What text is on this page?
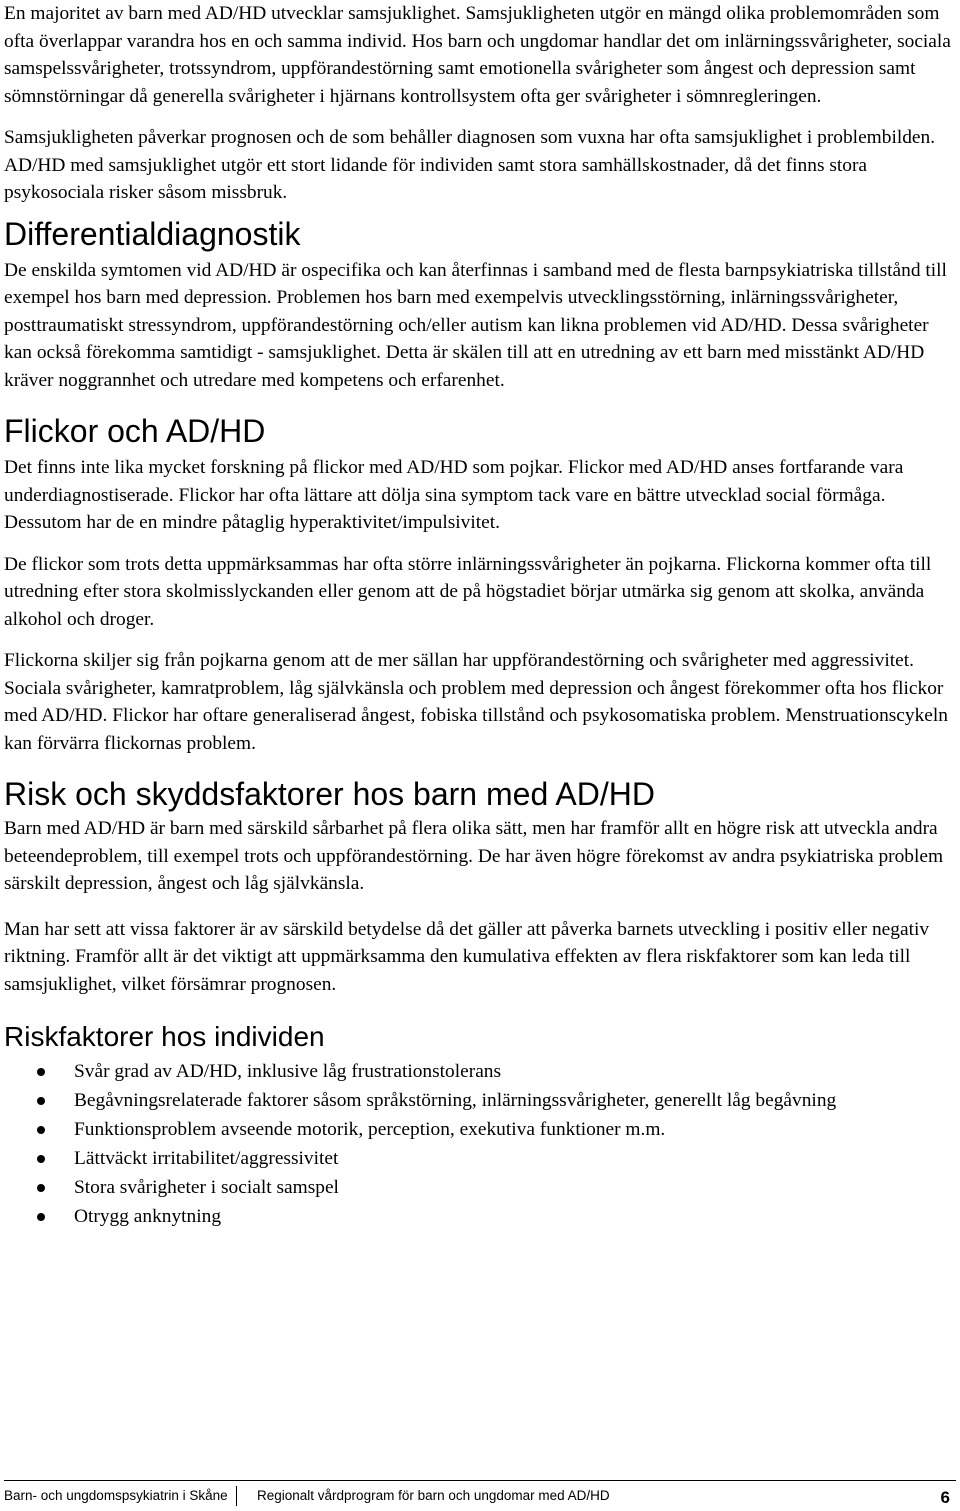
En majoritet av barn med AD/HD utvecklar samsjuklighet. Samsjukligheten utgör en mängd olika problemområden som ofta överlappar varandra hos en och samma individ. Hos barn och ungdomar handlar det om inlärningssvårigheter, sociala samspelssvårigheter, trotssyndrom, uppförandestörning samt emotionella svårigheter som ångest och depression samt sömnstörningar då generella svårigheter i hjärnans kontrollsystem ofta ger svårigheter i sömnregleringen.

Samsjukligheten påverkar prognosen och de som behåller diagnosen som vuxna har ofta samsjuklighet i problembilden. AD/HD med samsjuklighet utgör ett stort lidande för individen samt stora samhällskostnader, då det finns stora psykosociala risker såsom missbruk.

Differentialdiagnostik

De enskilda symtomen vid AD/HD är ospecifika och kan återfinnas i samband med de flesta barnpsykiatriska tillstånd till exempel hos barn med depression. Problemen hos barn med exempelvis utvecklingsstörning, inlärningssvårigheter, posttraumatiskt stressyndrom, uppförandestörning och/eller autism kan likna problemen vid AD/HD. Dessa svårigheter kan också förekomma samtidigt - samsjuklighet. Detta är skälen till att en utredning av ett barn med misstänkt AD/HD kräver noggrannhet och utredare med kompetens och erfarenhet.

Flickor och AD/HD

Det finns inte lika mycket forskning på flickor med AD/HD som pojkar. Flickor med AD/HD anses fortfarande vara underdiagnostiserade. Flickor har ofta lättare att dölja sina symptom tack vare en bättre utvecklad social förmåga. Dessutom har de en mindre påtaglig hyperaktivitet/impulsivitet.

De flickor som trots detta uppmärksammas har ofta större inlärningssvårigheter än pojkarna. Flickorna kommer ofta till utredning efter stora skolmisslyckanden eller genom att de på högstadiet börjar utmärka sig genom att skolka, använda alkohol och droger.

Flickorna skiljer sig från pojkarna genom att de mer sällan har uppförandestörning och svårigheter med aggressivitet. Sociala svårigheter, kamratproblem, låg självkänsla och problem med depression och ångest förekommer ofta hos flickor med AD/HD. Flickor har oftare generaliserad ångest, fobiska tillstånd och psykosomatiska problem. Menstruationscykeln kan förvärra flickornas problem.

Risk och skyddsfaktorer hos barn med AD/HD

Barn med AD/HD är barn med särskild sårbarhet på flera olika sätt, men har framför allt en högre risk att utveckla andra beteendeproblem, till exempel trots och uppförandestörning. De har även högre förekomst av andra psykiatriska problem särskilt depression, ångest och låg självkänsla.

Man har sett att vissa faktorer är av särskild betydelse då det gäller att påverka barnets utveckling i positiv eller negativ riktning. Framför allt är det viktigt att uppmärksamma den kumulativa effekten av flera riskfaktorer som kan leda till samsjuklighet, vilket försämrar prognosen.

Riskfaktorer hos individen
Svår grad av AD/HD, inklusive låg frustrationstolerans
Begåvningsrelaterade faktorer såsom språkstörning, inlärningssvårigheter, generellt låg begåvning
Funktionsproblem avseende motorik, perception, exekutiva funktioner m.m.
Lättväckt irritabilitet/aggressivitet
Stora svårigheter i socialt samspel
Otrygg anknytning
Barn- och ungdomspsykiatrin i Skåne	Regionalt vårdprogram för barn och ungdomar med AD/HD	6
